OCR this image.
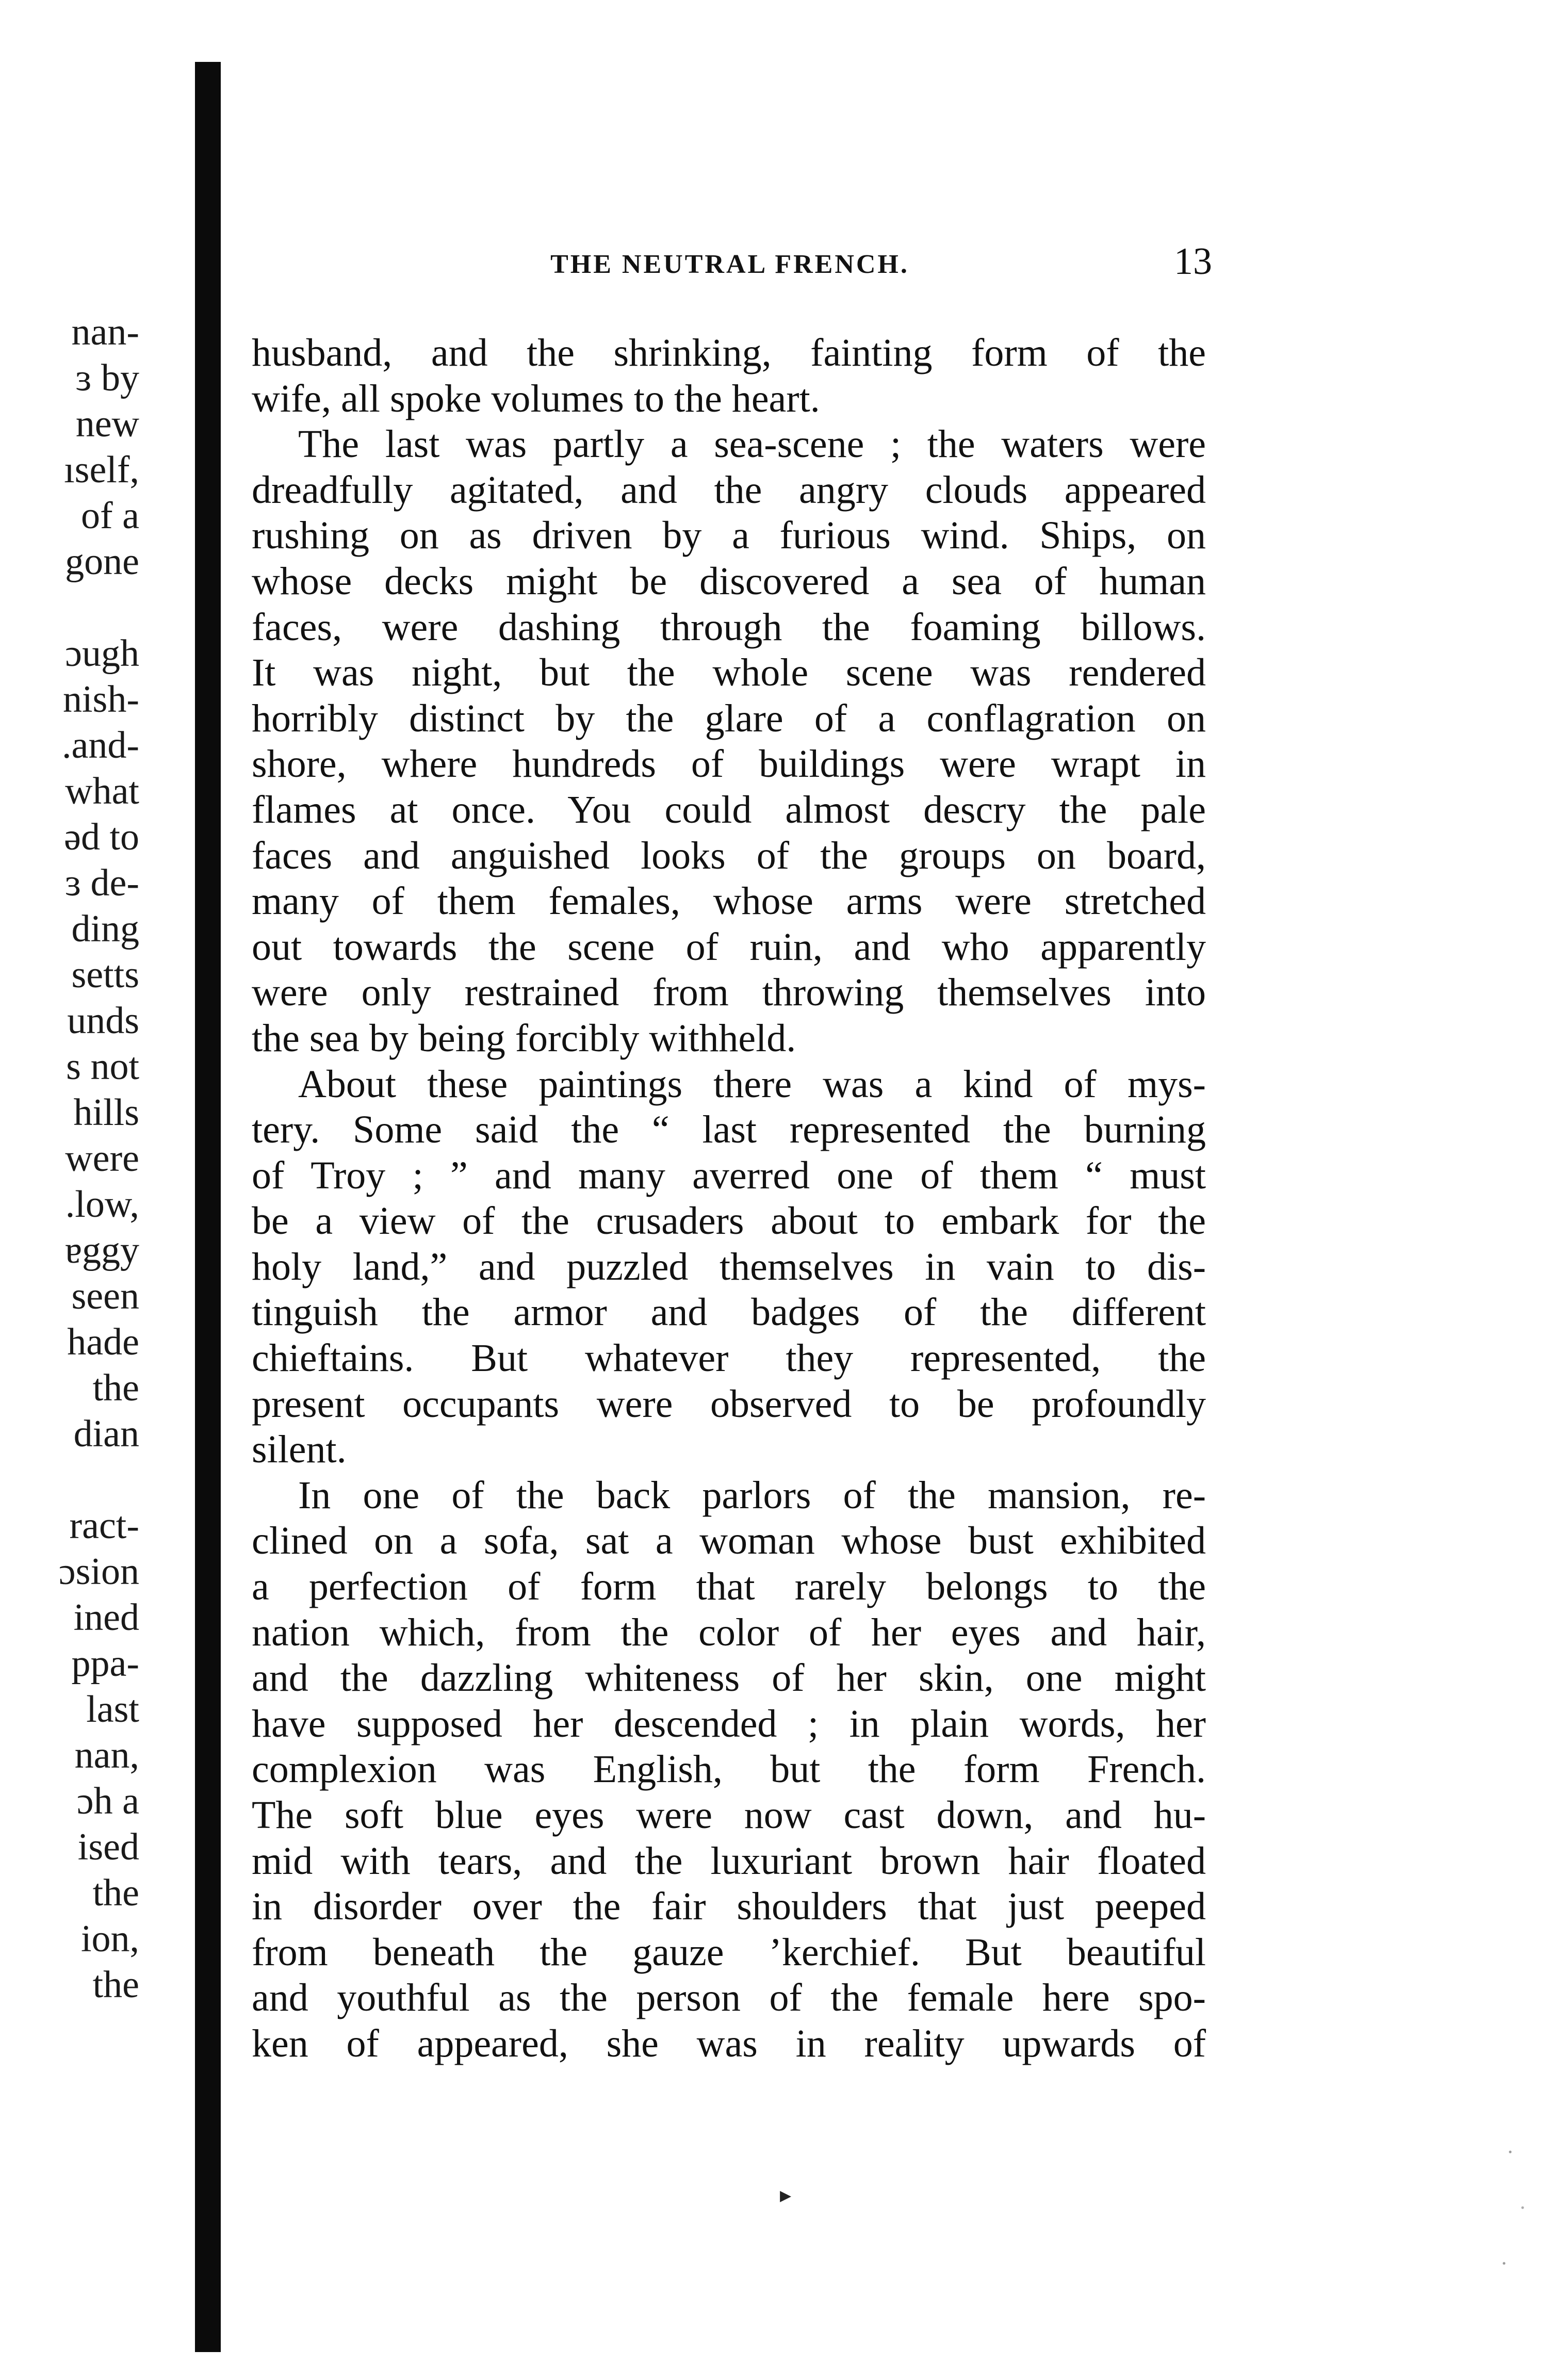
nan-
ɜ by
new
ıself,
of a
gone
ɔugh
nish-
.and-
what
əd to
ɜ de-
ding
setts
unds
s not
hills
were
.low,
ɐggy
seen
hade
the
dian
ract-
ɔsion
ined
ppa-
last
nan,
ɔh a
ised
the
ion,
the
THE NEUTRAL FRENCH.	13
husband, and the shrinking, fainting form of the
wife, all spoke volumes to the heart.
The last was partly a sea-scene ; the waters were
dreadfully agitated, and the angry clouds appeared
rushing on as driven by a furious wind. Ships, on
whose decks might be discovered a sea of human
faces, were dashing through the foaming billows.
It was night, but the whole scene was rendered
horribly distinct by the glare of a conflagration on
shore, where hundreds of buildings were wrapt in
flames at once. You could almost descry the pale
faces and anguished looks of the groups on board,
many of them females, whose arms were stretched
out towards the scene of ruin, and who apparently
were only restrained from throwing themselves into
the sea by being forcibly withheld.
About these paintings there was a kind of mys-
tery. Some said the “ last represented the burning
of Troy ; ” and many averred one of them “ must
be a view of the crusaders about to embark for the
holy land,” and puzzled themselves in vain to dis-
tinguish the armor and badges of the different
chieftains. But whatever they represented, the
present occupants were observed to be profoundly
silent.
In one of the back parlors of the mansion, re-
clined on a sofa, sat a woman whose bust exhibited
a perfection of form that rarely belongs to the
nation which, from the color of her eyes and hair,
and the dazzling whiteness of her skin, one might
have supposed her descended ; in plain words, her
complexion was English, but the form French.
The soft blue eyes were now cast down, and hu-
mid with tears, and the luxuriant brown hair floated
in disorder over the fair shoulders that just peeped
from beneath the gauze ’kerchief. But beautiful
and youthful as the person of the female here spo-
ken of appeared, she was in reality upwards of
▸
